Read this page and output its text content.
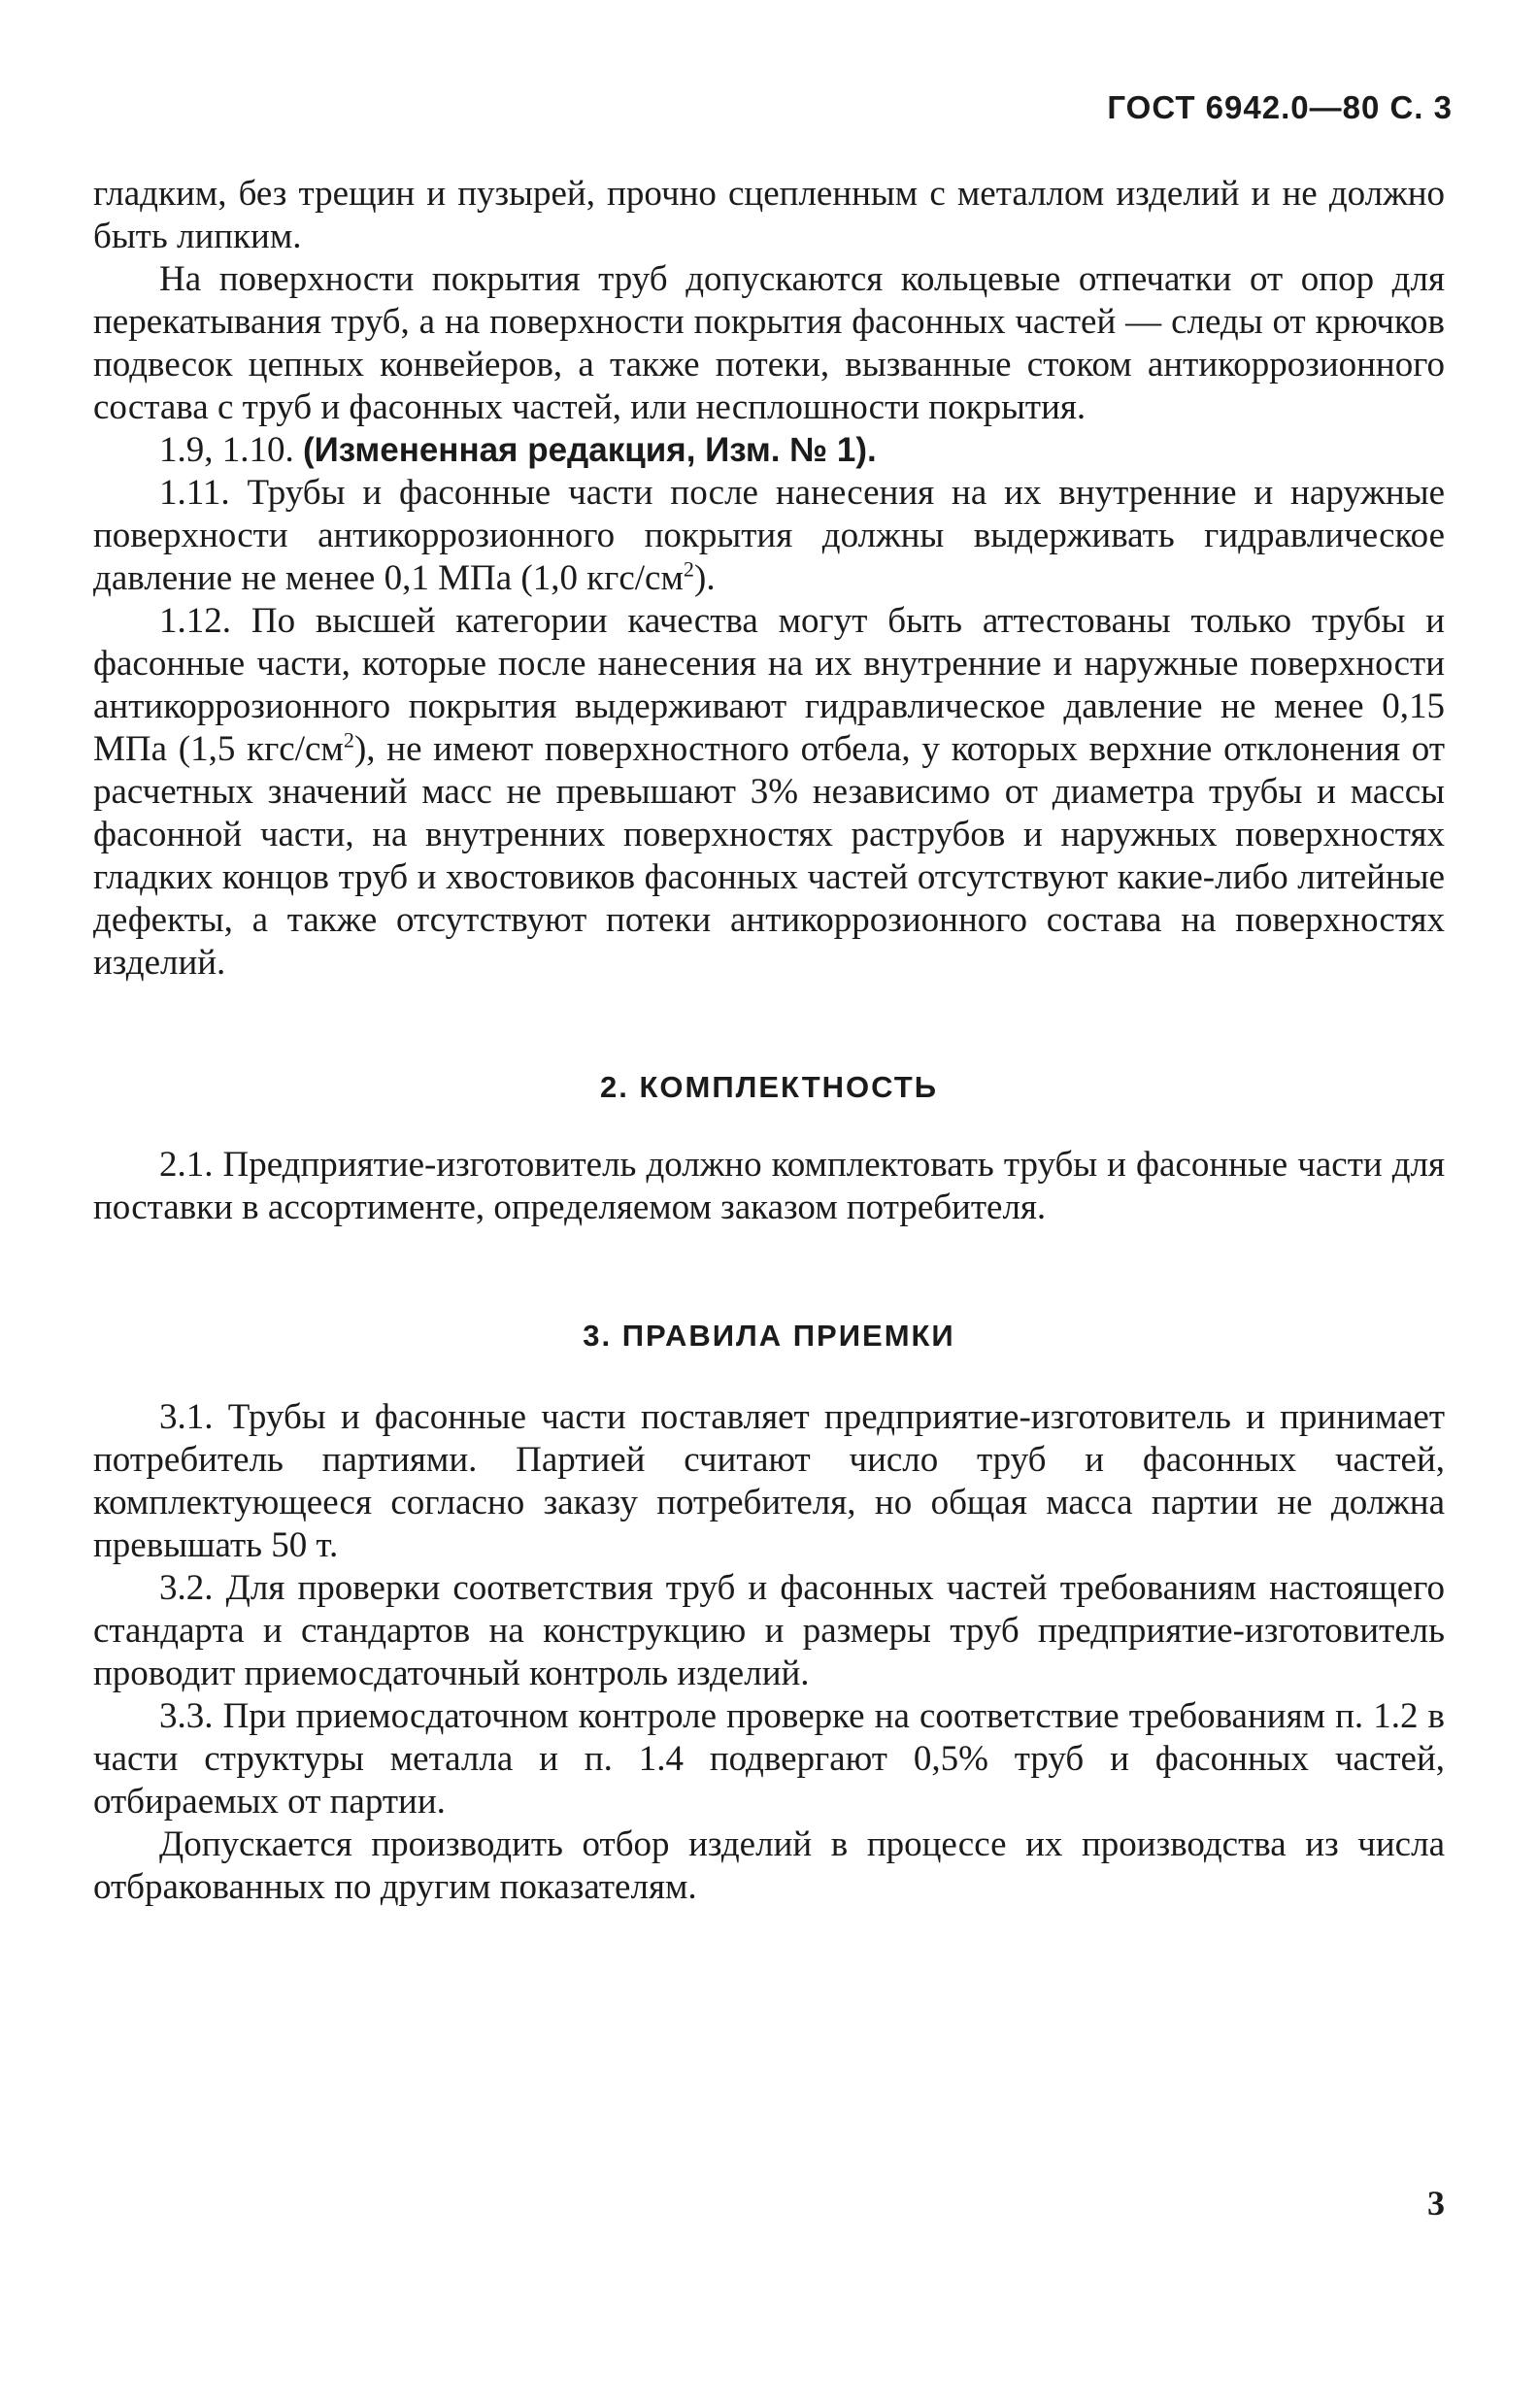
ГОСТ 6942.0—80 С. 3

гладким, без трещин и пузырей, прочно сцепленным с металлом изделий и не должно быть липким.

На поверхности покрытия труб допускаются кольцевые отпечатки от опор для перекатывания труб, а на поверхности покрытия фасонных частей — следы от крючков подвесок цепных конвейеров, а также потеки, вызванные стоком антикоррозионного состава с труб и фасонных частей, или несплошности покрытия.

1.9, 1.10. (Измененная редакция, Изм. № 1).

1.11. Трубы и фасонные части после нанесения на их внутренние и наружные поверхности антикоррозионного покрытия должны выдерживать гидравлическое давление не менее 0,1 МПа (1,0 кгс/$см^2$).

1.12. По высшей категории качества могут быть аттестованы только трубы и фасонные части, которые после нанесения на их внутренние и наружные поверхности антикоррозионного покрытия выдерживают гидравлическое давление не менее 0,15 МПа (1,5 кгс/$см^2$), не имеют поверхностного отбела, у которых верхние отклонения от расчетных значений масс не превышают 3% независимо от диаметра трубы и массы фасонной части, на внутренних поверхностях раструбов и наружных поверхностях гладких концов труб и хвостовиков фасонных частей отсутствуют какие-либо литейные дефекты, а также отсутствуют потеки антикоррозионного состава на поверхностях изделий.

2. КОМПЛЕКТНОСТЬ

2.1. Предприятие-изготовитель должно комплектовать трубы и фасонные части для поставки в ассортименте, определяемом заказом потребителя.

3. ПРАВИЛА ПРИЕМКИ

3.1. Трубы и фасонные части поставляет предприятие-изготовитель и принимает потребитель партиями. Партией считают число труб и фасонных частей, комплектующееся согласно заказу потребителя, но общая масса партии не должна превышать 50 т.

3.2. Для проверки соответствия труб и фасонных частей требованиям настоящего стандарта и стандартов на конструкцию и размеры труб предприятие-изготовитель проводит приемосдаточный контроль изделий.

3.3. При приемосдаточном контроле проверке на соответствие требованиям п. 1.2 в части структуры металла и п. 1.4 подвергают 0,5% труб и фасонных частей, отбираемых от партии.

Допускается производить отбор изделий в процессе их производства из числа отбракованных по другим показателям.

3
